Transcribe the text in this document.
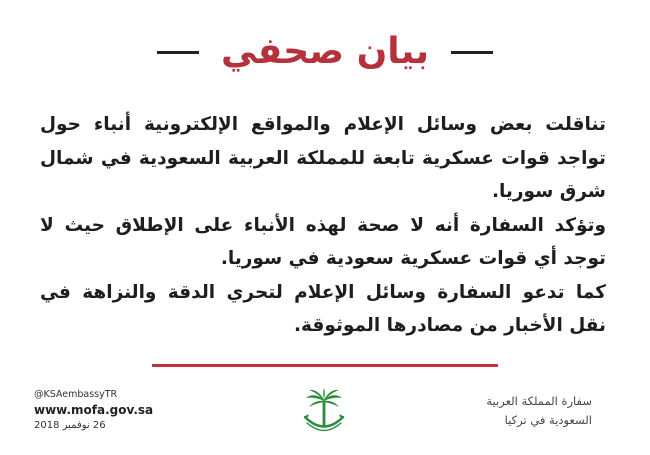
بيان صحفي

تناقلت بعض وسائل الإعلام والمواقع الإلكترونية أنباء حول تواجد قوات عسكرية تابعة للمملكة العربية السعودية في شمال شرق سوريا.

وتؤكد السفارة أنه لا صحة لهذه الأنباء على الإطلاق حيث لا توجد أي قوات عسكرية سعودية في سوريا.

كما تدعو السفارة وسائل الإعلام لتحري الدقة والنزاهة في نقل الأخبار من مصادرها الموثوقة.

@KSAembassyTR
www.mofa.gov.sa
26 نوفمبر 2018
سفارة المملكة العربية
السعودية في تركيا
